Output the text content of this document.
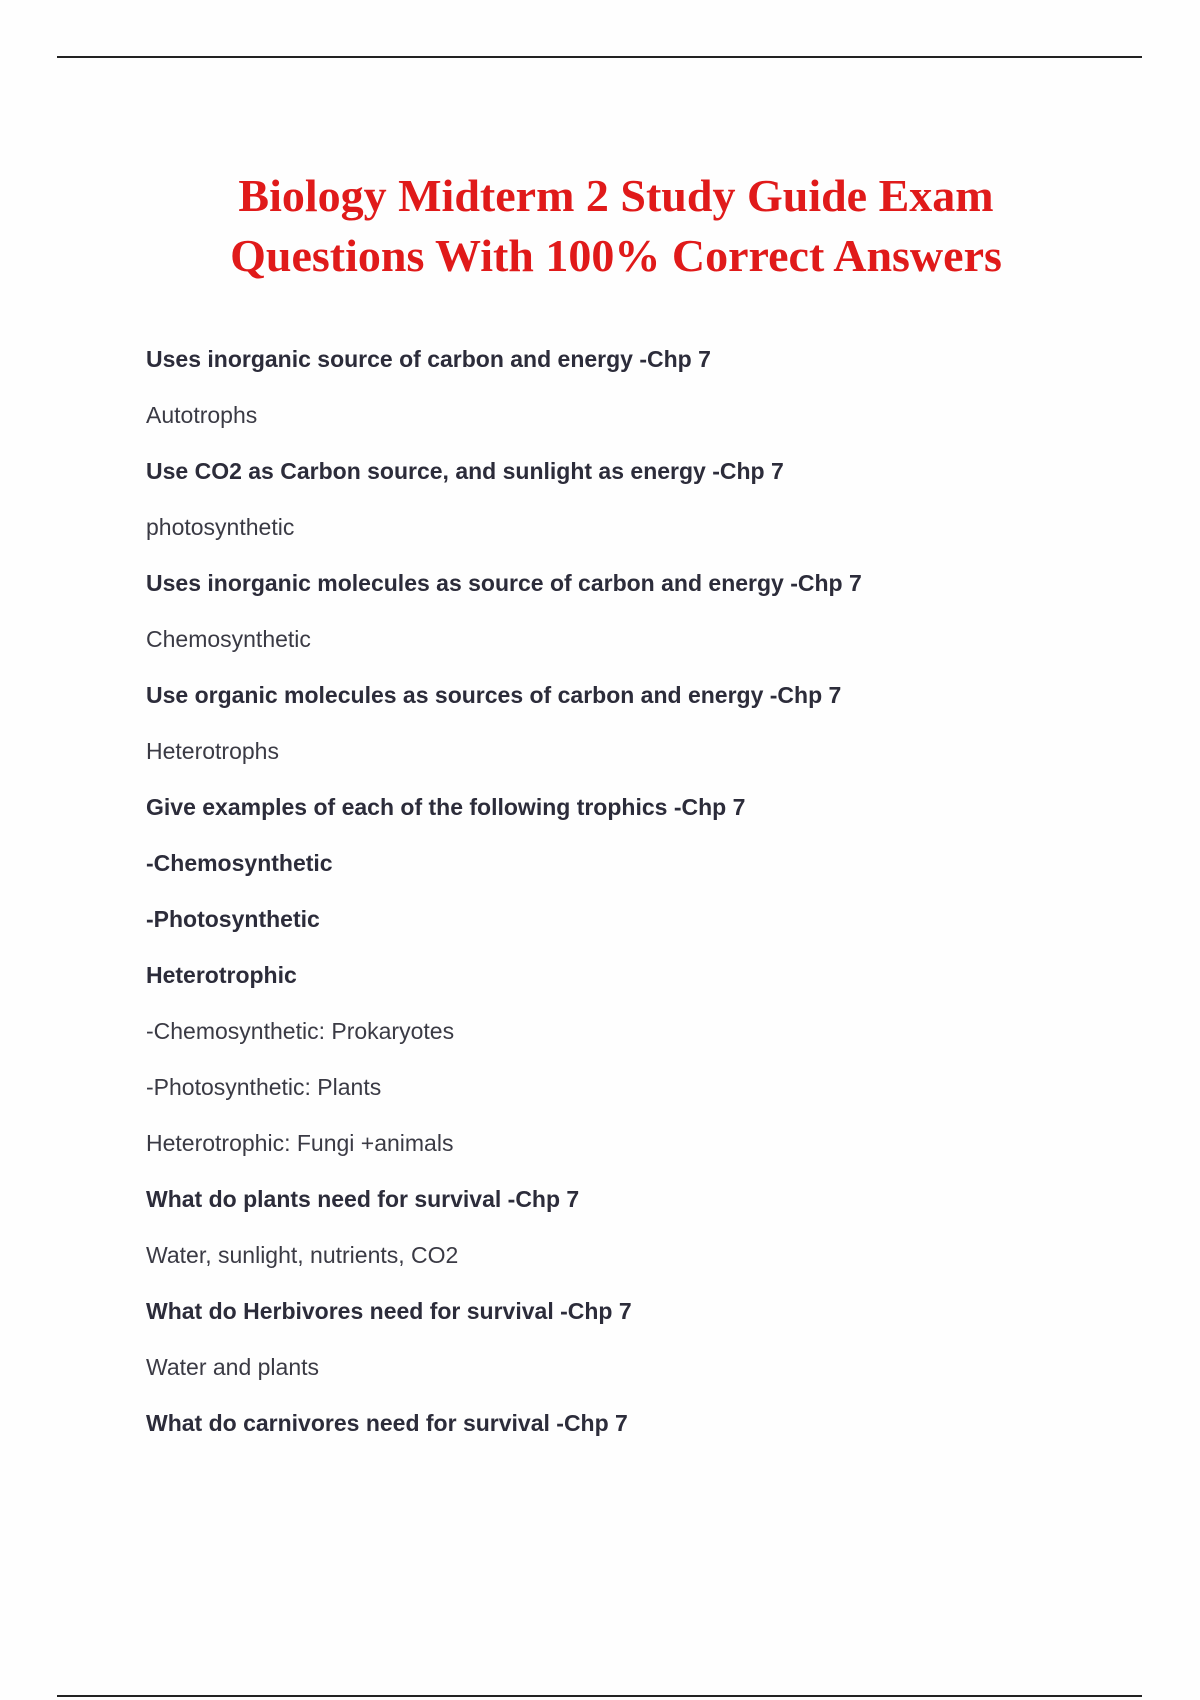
Biology Midterm 2 Study Guide Exam
Questions With 100% Correct Answers
Uses inorganic source of carbon and energy -Chp 7
Autotrophs
Use CO2 as Carbon source, and sunlight as energy -Chp 7
photosynthetic
Uses inorganic molecules as source of carbon and energy -Chp 7
Chemosynthetic
Use organic molecules as sources of carbon and energy -Chp 7
Heterotrophs
Give examples of each of the following trophics -Chp 7
-Chemosynthetic
-Photosynthetic
Heterotrophic
-Chemosynthetic: Prokaryotes
-Photosynthetic: Plants
Heterotrophic: Fungi +animals
What do plants need for survival -Chp 7
Water, sunlight, nutrients, CO2
What do Herbivores need for survival -Chp 7
Water and plants
What do carnivores need for survival -Chp 7
